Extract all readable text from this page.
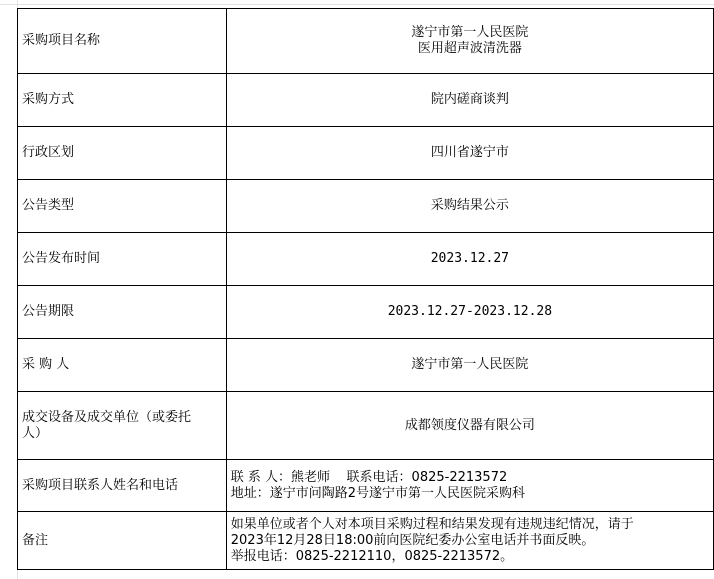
采购项目名称	遂宁市第一人民医院
医用超声波清洗器

采购方式	院内磋商谈判
行政区划	四川省遂宁市
公告类型	采购结果公示
公告发布时间	2023.12.27
公告期限	2023.12.27-2023.12.28
采 购 人	遂宁市第一人民医院

成交设备及成交单位（或委托
人）	成都领度仪器有限公司
采购项目联系人姓名和电话	联 系 人：熊老师    联系电话：0825-2213572
地址：遂宁市问陶路2号遂宁市第一人民医院采购科

备注	如果单位或者个人对本项目采购过程和结果发现有违规违纪情况，请于
2023年12月28日18:00前向医院纪委办公室电话并书面反映。
举报电话：0825-2212110，0825-2213572。
